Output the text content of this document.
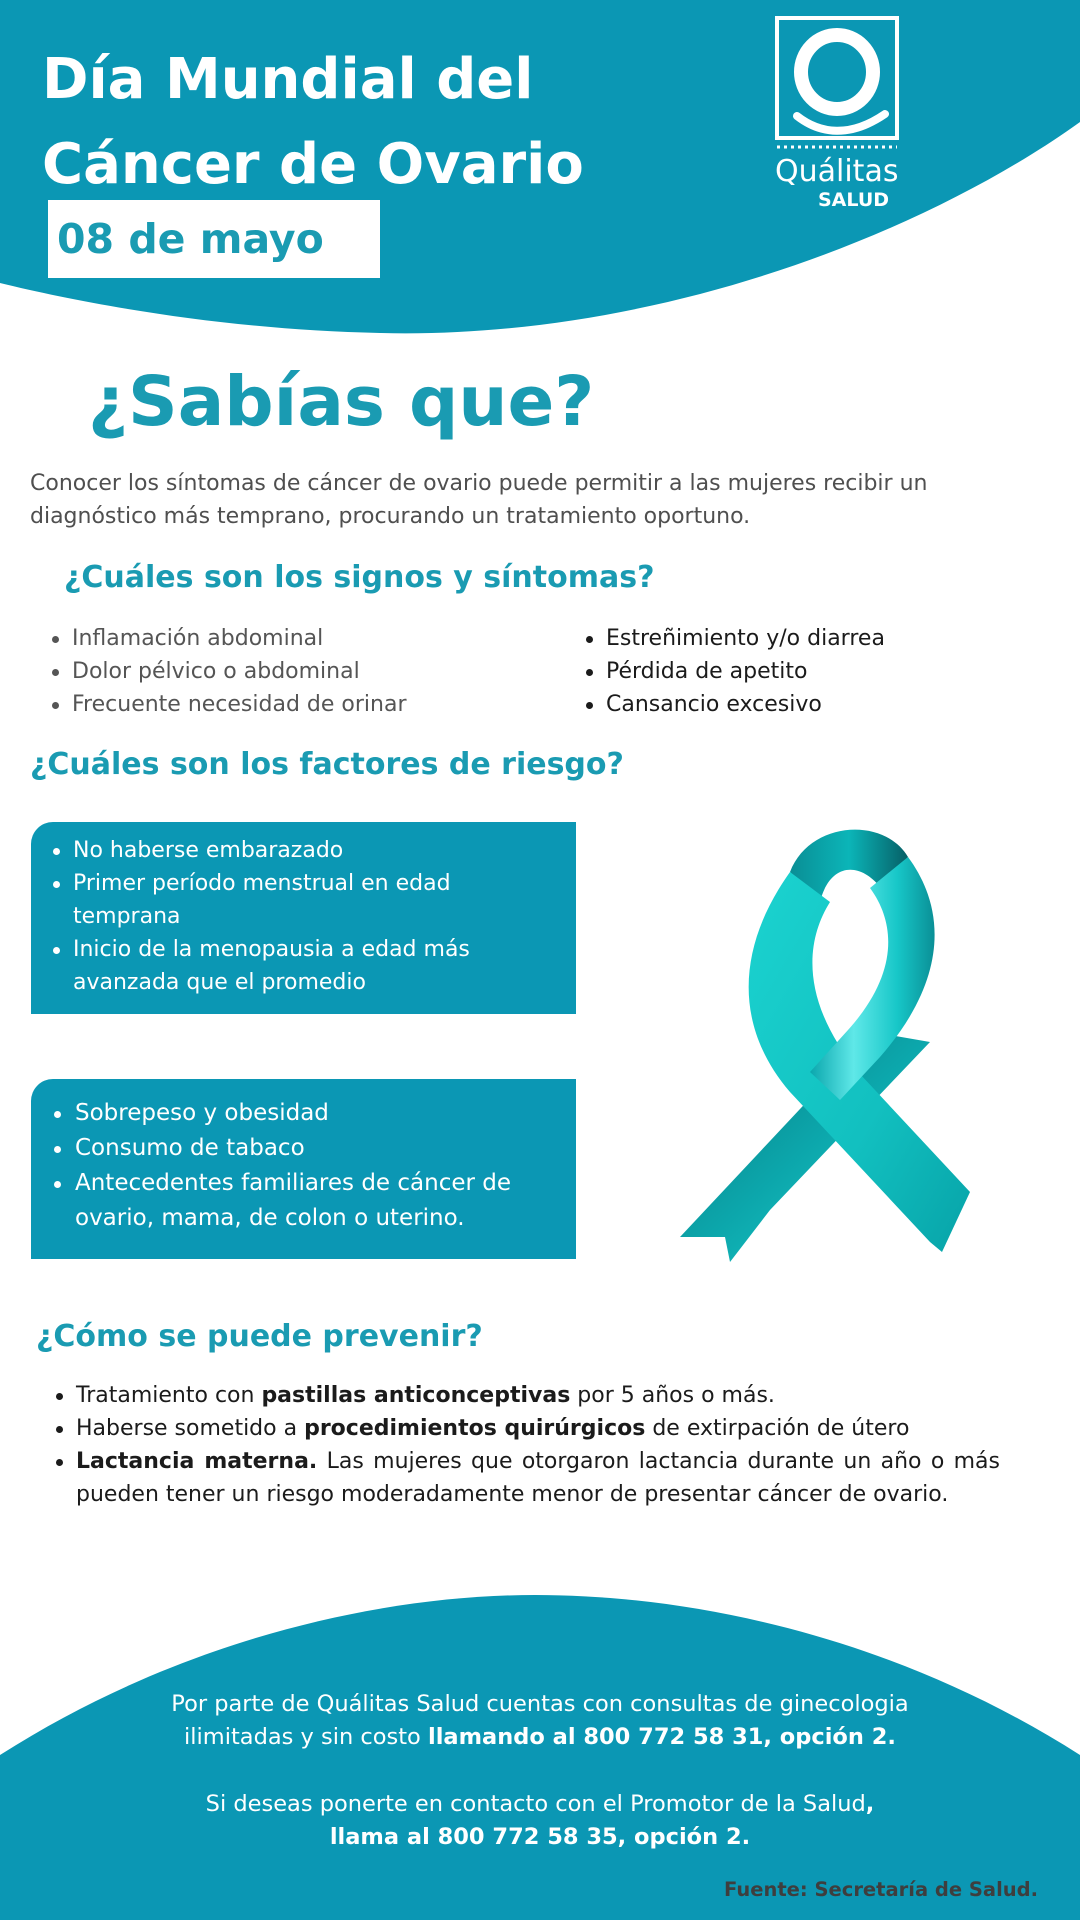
Día Mundial del
Cáncer de Ovario
08 de mayo
Quálitas
SALUD
¿Sabías que?

Conocer los síntomas de cáncer de ovario puede permitir a las mujeres recibir un diagnóstico más temprano, procurando un tratamiento oportuno.

¿Cuáles son los signos y síntomas?
Inflamación abdominal
Dolor pélvico o abdominal
Frecuente necesidad de orinar
Estreñimiento y/o diarrea
Pérdida de apetito
Cansancio excesivo
¿Cuáles son los factores de riesgo?
No haberse embarazado
Primer período menstrual en edad temprana
Inicio de la menopausia a edad más avanzada que el promedio
Sobrepeso y obesidad
Consumo de tabaco
Antecedentes familiares de cáncer de ovario, mama, de colon o uterino.
¿Cómo se puede prevenir?
Tratamiento con pastillas anticonceptivas por 5 años o más.
Haberse sometido a procedimientos quirúrgicos de extirpación de útero
Lactancia materna. Las mujeres que otorgaron lactancia durante un año o más pueden tener un riesgo moderadamente menor de presentar cáncer de ovario.

Por parte de Quálitas Salud cuentas con consultas de ginecologia
ilimitadas y sin costo llamando al 800 772 58 31, opción 2.

Si deseas ponerte en contacto con el Promotor de la Salud,
llama al 800 772 58 35, opción 2.

Fuente: Secretaría de Salud.
